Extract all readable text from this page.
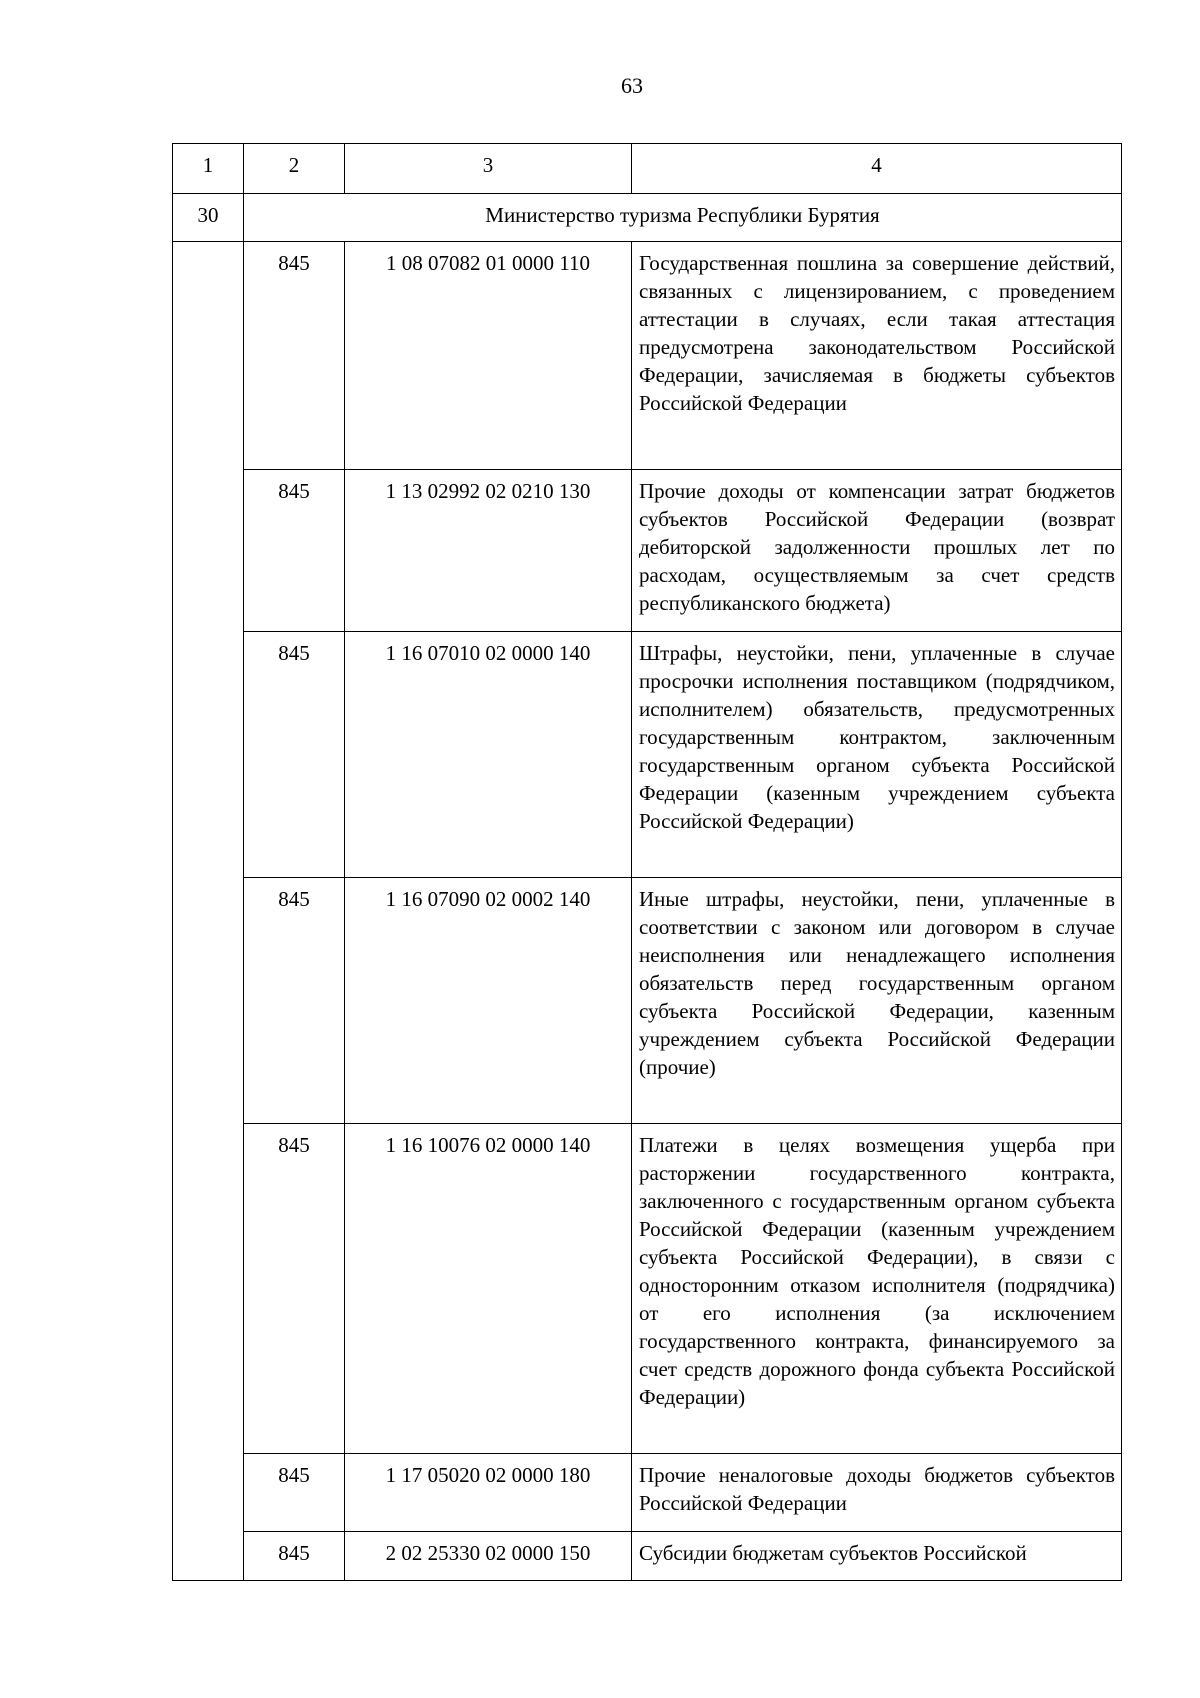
63
1	2	3	4
30	Министерство туризма Республики Бурятия		
	845	1 08 07082 01 0000 110	Государственная пошлина за совершение действий, связанных с лицензированием, с проведением аттестации в случаях, если такая аттестация предусмотрена законодательством Российской Федерации, зачисляемая в бюджеты субъектов Российской Федерации
	845	1 13 02992 02 0210 130	Прочие доходы от компенсации затрат бюджетов субъектов Российской Федерации (возврат дебиторской задолженности прошлых лет по расходам, осуществляемым за счет средств республиканского бюджета)
	845	1 16 07010 02 0000 140	Штрафы, неустойки, пени, уплаченные в случае просрочки исполнения поставщиком (подрядчиком, исполнителем) обязательств, предусмотренных государственным контрактом, заключенным государственным органом субъекта Российской Федерации (казенным учреждением субъекта Российской Федерации)
	845	1 16 07090 02 0002 140	Иные штрафы, неустойки, пени, уплаченные в соответствии с законом или договором в случае неисполнения или ненадлежащего исполнения обязательств перед государственным органом субъекта Российской Федерации, казенным учреждением субъекта Российской Федерации (прочие)
	845	1 16 10076 02 0000 140	Платежи в целях возмещения ущерба при расторжении государственного контракта, заключенного с государственным органом субъекта Российской Федерации (казенным учреждением субъекта Российской Федерации), в связи с односторонним отказом исполнителя (подрядчика) от его исполнения (за исключением государственного контракта, финансируемого за счет средств дорожного фонда субъекта Российской Федерации)
	845	1 17 05020 02 0000 180	Прочие неналоговые доходы бюджетов субъектов Российской Федерации
	845	2 02 25330 02 0000 150	Субсидии бюджетам субъектов Российской
